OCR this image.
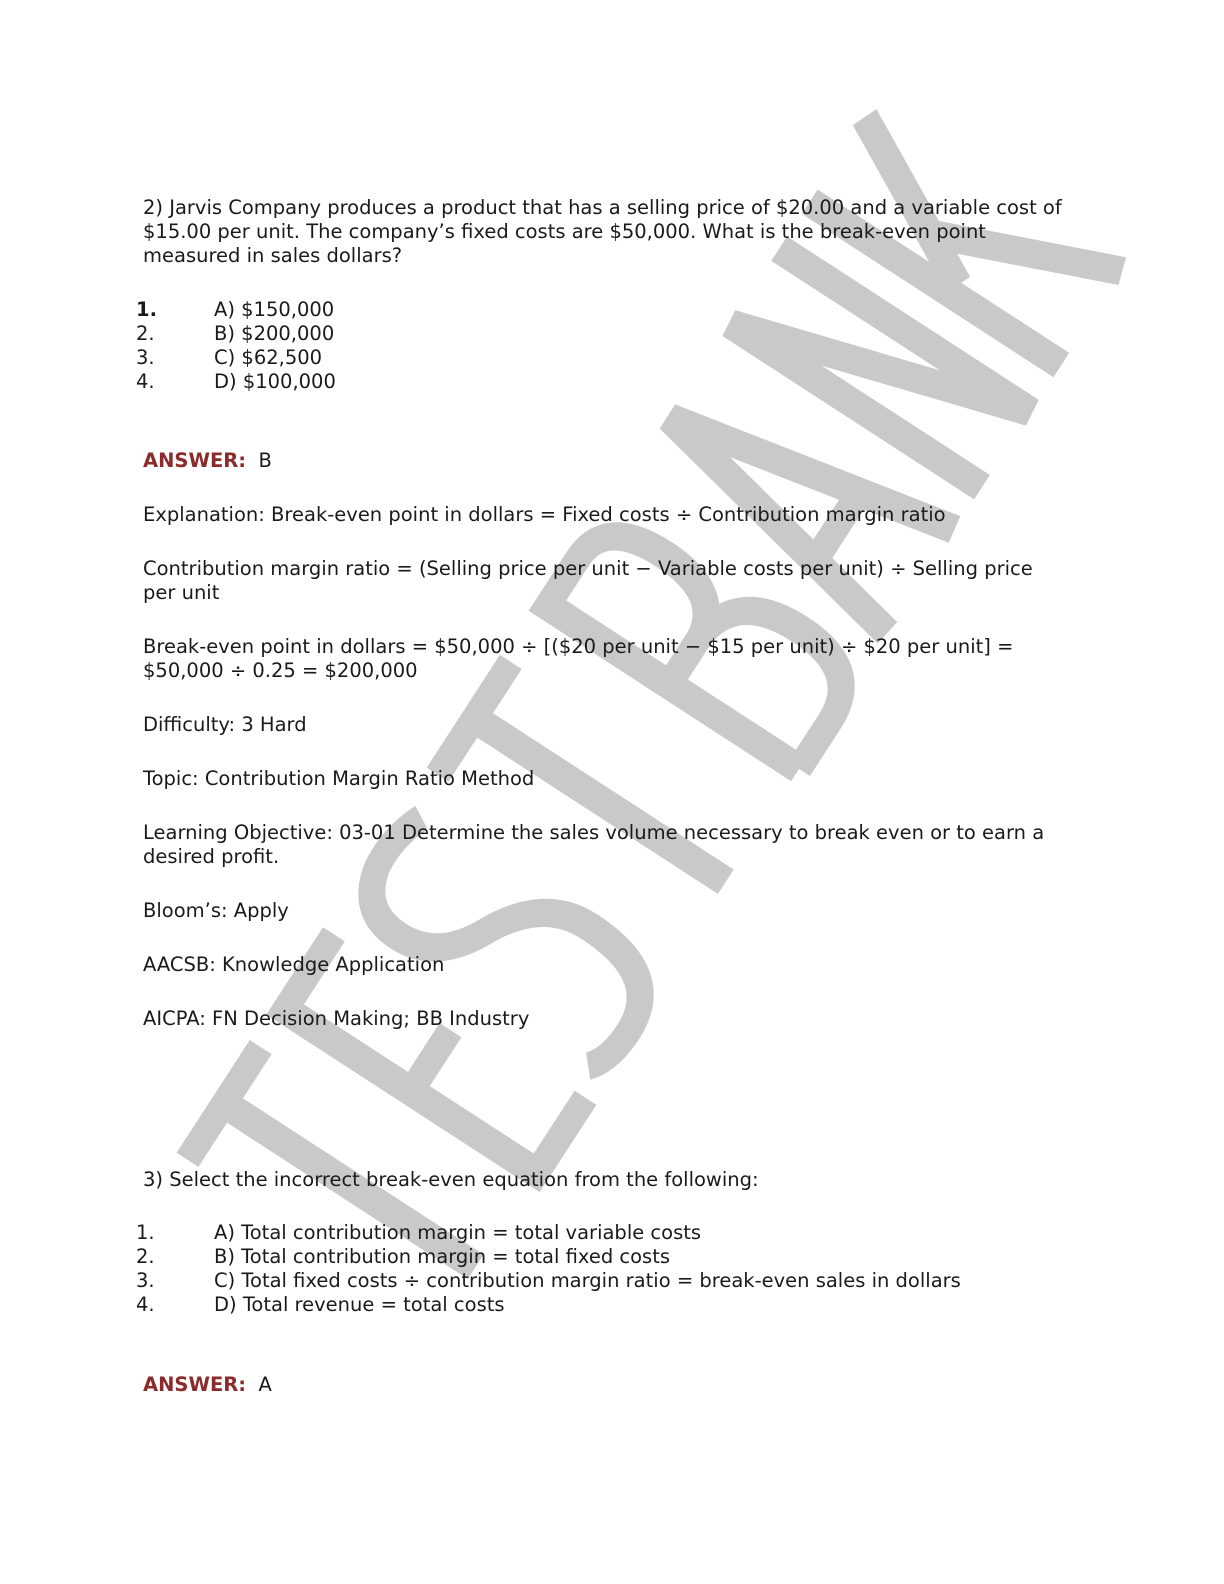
2) Jarvis Company produces a product that has a selling price of $20.00 and a variable cost of $15.00 per unit. The company’s fixed costs are $50,000. What is the break-even point measured in sales dollars?

1.	A) $150,000
2.	B) $200,000
3.	C) $62,500
4.	D) $100,000

ANSWER: B

Explanation: Break-even point in dollars = Fixed costs ÷ Contribution margin ratio

Contribution margin ratio = (Selling price per unit − Variable costs per unit) ÷ Selling price per unit

Break-even point in dollars = $50,000 ÷ [($20 per unit − $15 per unit) ÷ $20 per unit] = $50,000 ÷ 0.25 = $200,000

Difficulty: 3 Hard

Topic: Contribution Margin Ratio Method

Learning Objective: 03-01 Determine the sales volume necessary to break even or to earn a desired profit.

Bloom’s: Apply

AACSB: Knowledge Application

AICPA: FN Decision Making; BB Industry

3) Select the incorrect break-even equation from the following:

1.	A) Total contribution margin = total variable costs
2.	B) Total contribution margin = total fixed costs
3.	C) Total fixed costs ÷ contribution margin ratio = break-even sales in dollars
4.	D) Total revenue = total costs

ANSWER: A
